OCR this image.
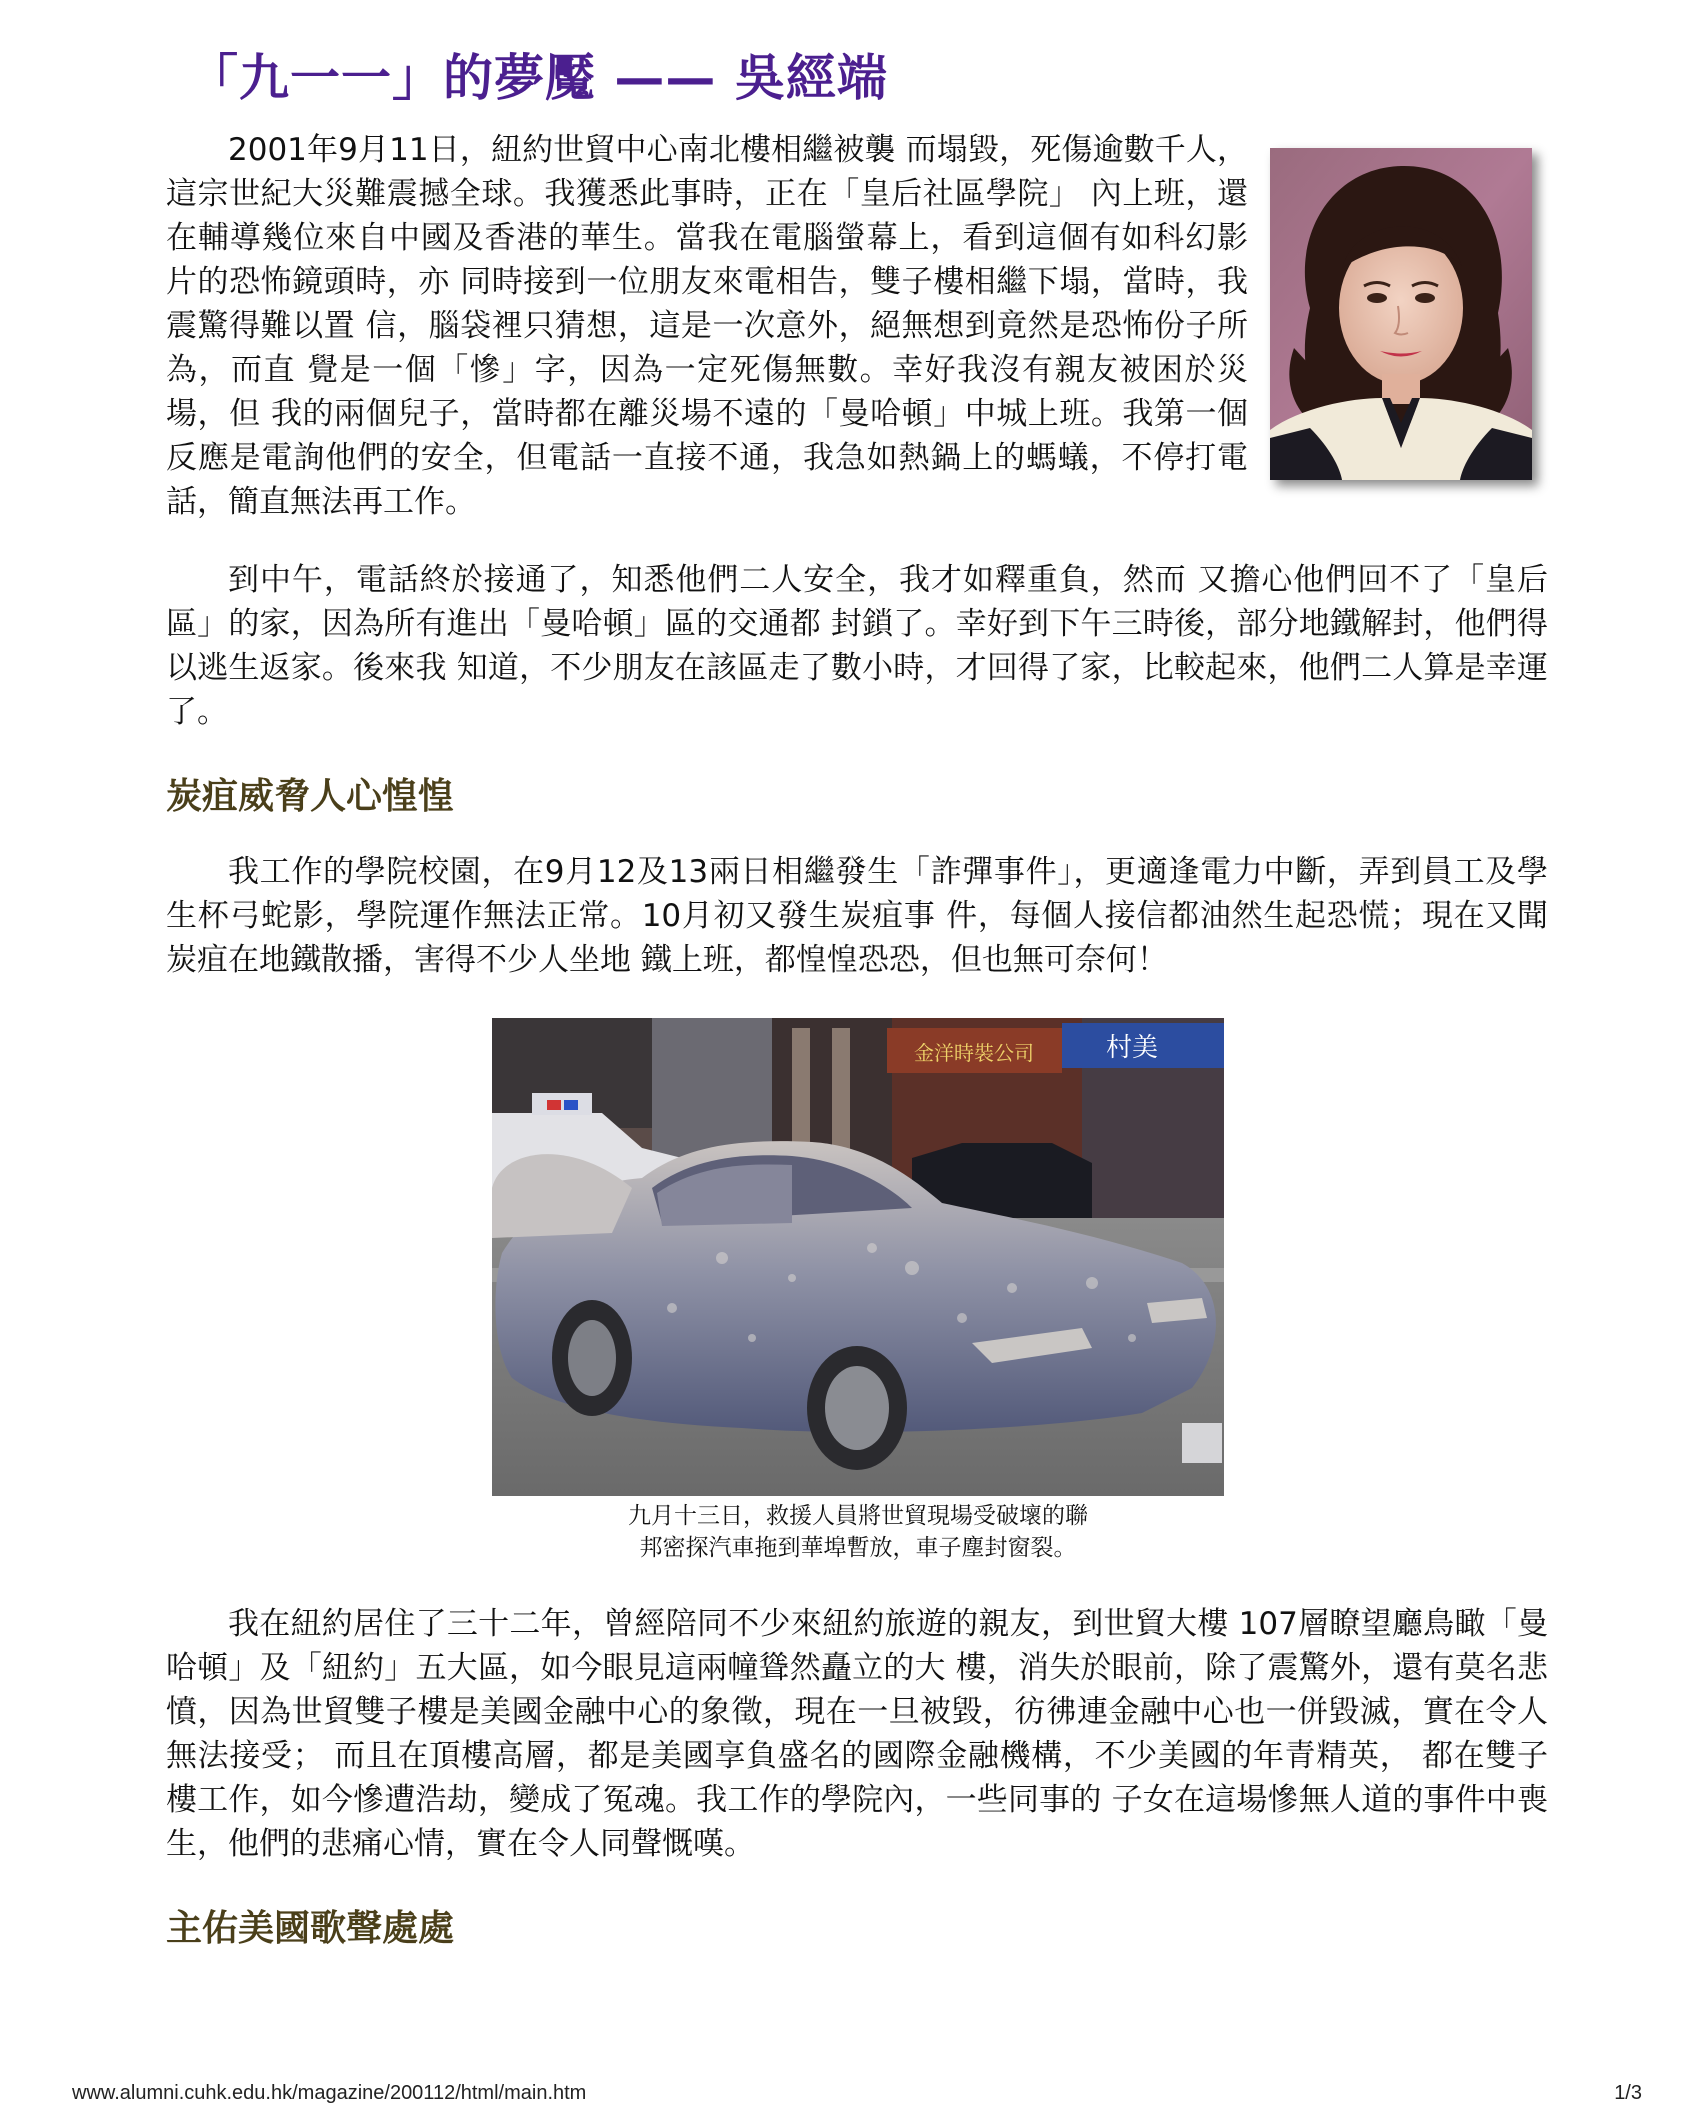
「九一一」的夢魘 —— 吳經端

2001年9月11日，紐約世貿中心南北樓相繼被襲 而塌毀，死傷逾數千人，這宗世紀大災難震撼全球。我獲悉此事時，正在「皇后社區學院」 內上班，還在輔導幾位來自中國及香港的華生。當我在電腦螢幕上，看到這個有如科幻影片的恐怖鏡頭時，亦 同時接到一位朋友來電相告，雙子樓相繼下塌，當時，我震驚得難以置 信，腦袋裡只猜想，這是一次意外，絕無想到竟然是恐怖份子所為，而直 覺是一個「慘」字，因為一定死傷無數。幸好我沒有親友被困於災場，但 我的兩個兒子，當時都在離災場不遠的「曼哈頓」中城上班。我第一個反應是電詢他們的安全，但電話一直接不通，我急如熱鍋上的螞蟻，不停打電話，簡直無法再工作。

到中午，電話終於接通了，知悉他們二人安全，我才如釋重負，然而 又擔心他們回不了「皇后區」的家，因為所有進出「曼哈頓」區的交通都 封鎖了。幸好到下午三時後，部分地鐵解封，他們得以逃生返家。後來我 知道，不少朋友在該區走了數小時，才回得了家，比較起來，他們二人算是幸運了。

炭疽威脅人心惶惶

我工作的學院校園，在9月12及13兩日相繼發生「詐彈事件」，更適逢電力中斷，弄到員工及學生杯弓蛇影，學院運作無法正常。10月初又發生炭疽事 件，每個人接信都油然生起恐慌；現在又聞炭疽在地鐵散播，害得不少人坐地 鐵上班，都惶惶恐恐，但也無可奈何！

金洋時裝公司	村美

九月十三日，救援人員將世貿現場受破壞的聯
邦密探汽車拖到華埠暫放，車子塵封窗裂。

我在紐約居住了三十二年，曾經陪同不少來紐約旅遊的親友，到世貿大樓 107層瞭望廳鳥瞰「曼哈頓」及「紐約」五大區，如今眼見這兩幢聳然矗立的大 樓，消失於眼前，除了震驚外，還有莫名悲憤，因為世貿雙子樓是美國金融中心的象徵，現在一旦被毀，彷彿連金融中心也一併毀滅，實在令人無法接受； 而且在頂樓高層，都是美國享負盛名的國際金融機構，不少美國的年青精英， 都在雙子樓工作，如今慘遭浩劫，變成了冤魂。我工作的學院內，一些同事的 子女在這場慘無人道的事件中喪生，他們的悲痛心情，實在令人同聲慨嘆。

主佑美國歌聲處處

www.alumni.cuhk.edu.hk/magazine/200112/html/main.htm	1/3
